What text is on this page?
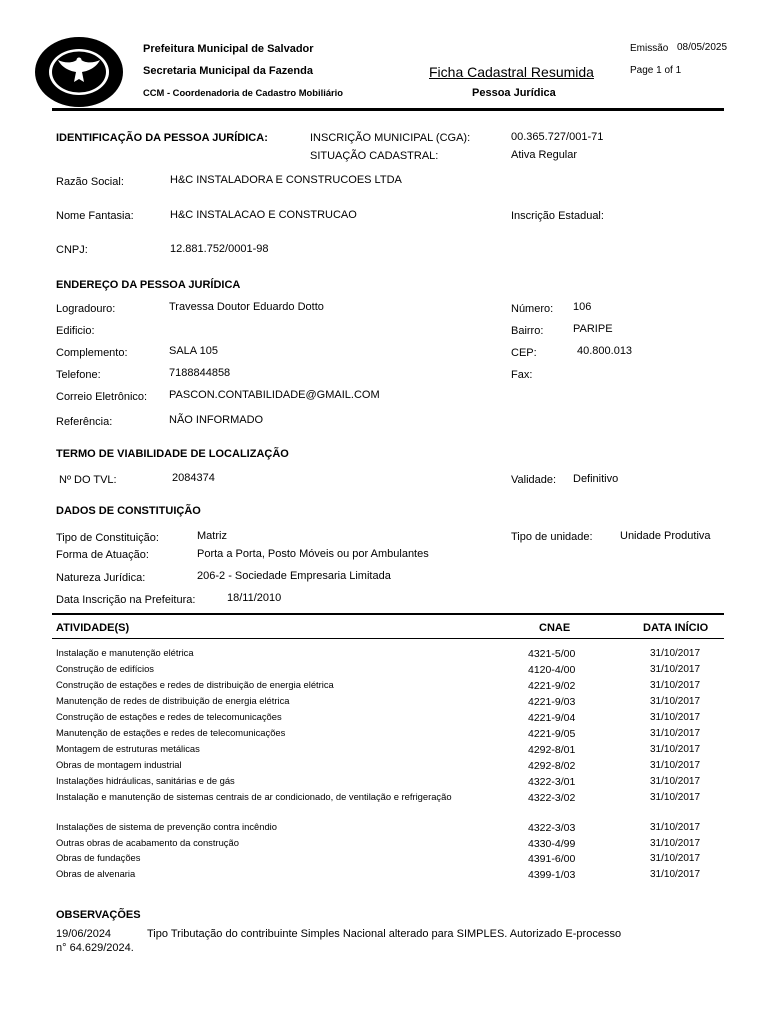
Prefeitura Municipal de Salvador
Secretaria Municipal da Fazenda
CCM - Coordenadoria de Cadastro Mobiliário
Ficha Cadastral Resumida
Pessoa Jurídica
Emissão 08/05/2025
Page 1 of 1
IDENTIFICAÇÃO DA PESSOA JURÍDICA:	INSCRIÇÃO MUNICIPAL (CGA):	00.365.727/001-71
SITUAÇÃO CADASTRAL:	Ativa Regular
Razão Social:	H&C INSTALADORA E CONSTRUCOES LTDA
Nome Fantasia:	H&C INSTALACAO E CONSTRUCAO	Inscrição Estadual:
CNPJ:	12.881.752/0001-98
ENDEREÇO DA PESSOA JURÍDICA
Logradouro:	Travessa Doutor Eduardo Dotto	Número: 106
Edificio:	Bairro:	PARIPE
Complemento:	SALA 105	CEP:	40.800.013
Telefone:	7188844858	Fax:
Correio Eletrônico: PASCON.CONTABILIDADE@GMAIL.COM
Referência:	NÃO INFORMADO
TERMO DE VIABILIDADE DE LOCALIZAÇÃO
Nº DO TVL:	2084374	Validade: Definitivo
DADOS DE CONSTITUIÇÃO
Tipo de Constituição:	Matriz	Tipo de unidade: Unidade Produtiva
Forma de Atuação:	Porta a Porta, Posto Móveis ou por Ambulantes
Natureza Jurídica:	206-2 - Sociedade Empresaria Limitada
Data Inscrição na Prefeitura:	18/11/2010
ATIVIDADE(S)	CNAE	DATA INÍCIO
Instalação e manutenção elétrica	4321-5/00	31/10/2017
Construção de edifícios	4120-4/00	31/10/2017
Construção de estações e redes de distribuição de energia elétrica	4221-9/02	31/10/2017
Manutenção de redes de distribuição de energia elétrica	4221-9/03	31/10/2017
Construção de estações e redes de telecomunicações	4221-9/04	31/10/2017
Manutenção de estações e redes de telecomunicações	4221-9/05	31/10/2017
Montagem de estruturas metálicas	4292-8/01	31/10/2017
Obras de montagem industrial	4292-8/02	31/10/2017
Instalações hidráulicas, sanitárias e de gás	4322-3/01	31/10/2017
Instalação e manutenção de sistemas centrais de ar condicionado, de ventilação e refrigeração	4322-3/02	31/10/2017
Instalações de sistema de prevenção contra incêndio	4322-3/03	31/10/2017
Outras obras de acabamento da construção	4330-4/99	31/10/2017
Obras de fundações	4391-6/00	31/10/2017
Obras de alvenaria	4399-1/03	31/10/2017
OBSERVAÇÕES
19/06/2024	Tipo Tributação do contribuinte Simples Nacional alterado para SIMPLES. Autorizado E-processo
n° 64.629/2024.
